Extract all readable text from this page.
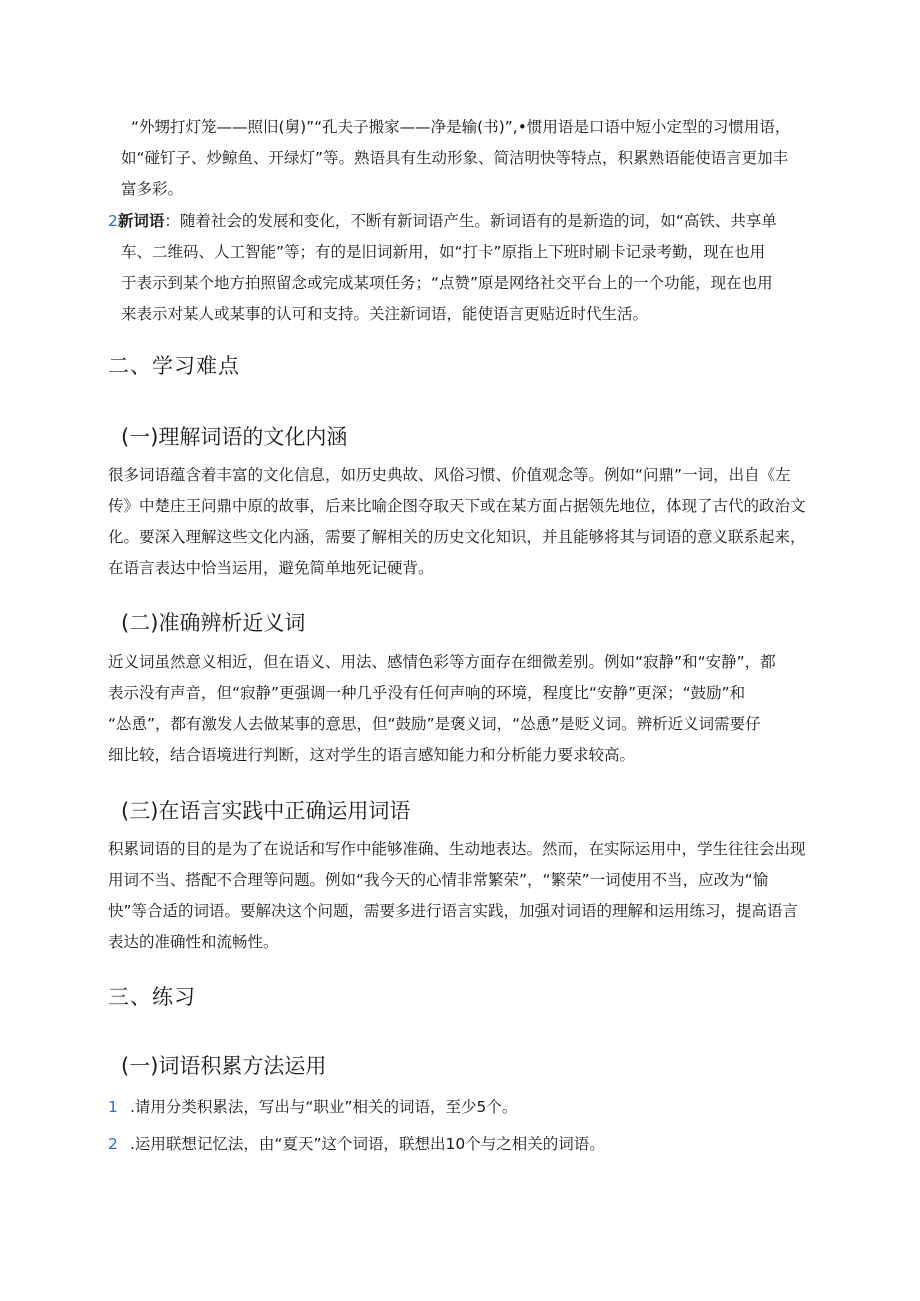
“外甥打灯笼——照旧(舅)”“孔夫子搬家——净是输(书)”,•惯用语是口语中短小定型的习惯用语，

如“碰钉子、炒鲸鱼、开绿灯”等。熟语具有生动形象、简洁明快等特点，积累熟语能使语言更加丰

富多彩。

2新词语：随着社会的发展和变化，不断有新词语产生。新词语有的是新造的词，如“高铁、共享单

车、二维码、人工智能”等；有的是旧词新用，如“打卡”原指上下班时刷卡记录考勤，现在也用
于表示到某个地方拍照留念或完成某项任务；“点赞”原是网络社交平台上的一个功能，现在也用
来表示对某人或某事的认可和支持。关注新词语，能使语言更贴近时代生活。
二、学习难点
(一)理解词语的文化内涵

很多词语蕴含着丰富的文化信息，如历史典故、风俗习惯、价值观念等。例如“问鼎”一词，出自《左

传》中楚庄王问鼎中原的故事，后来比喻企图夺取天下或在某方面占据领先地位，体现了古代的政治文

化。要深入理解这些文化内涵，需要了解相关的历史文化知识，并且能够将其与词语的意义联系起来，

在语言表达中恰当运用，避免简单地死记硬背。

(二)准确辨析近义词

近义词虽然意义相近，但在语义、用法、感情色彩等方面存在细微差别。例如“寂静”和“安静”，都

表示没有声音，但“寂静”更强调一种几乎没有任何声响的环境，程度比“安静”更深；“鼓励”和

“怂恿”，都有激发人去做某事的意思，但“鼓励”是褒义词，“怂恿”是贬义词。辨析近义词需要仔

细比较，结合语境进行判断，这对学生的语言感知能力和分析能力要求较高。

(三)在语言实践中正确运用词语

积累词语的目的是为了在说话和写作中能够准确、生动地表达。然而，在实际运用中，学生往往会出现

用词不当、搭配不合理等问题。例如“我今天的心情非常繁荣”，“繁荣”一词使用不当，应改为“愉

快”等合适的词语。要解决这个问题，需要多进行语言实践，加强对词语的理解和运用练习，提高语言

表达的准确性和流畅性。

三、练习
(一)词语积累方法运用
1 .请用分类积累法，写出与“职业”相关的词语，至少5个。
2 .运用联想记忆法，由“夏天”这个词语，联想出10个与之相关的词语。
